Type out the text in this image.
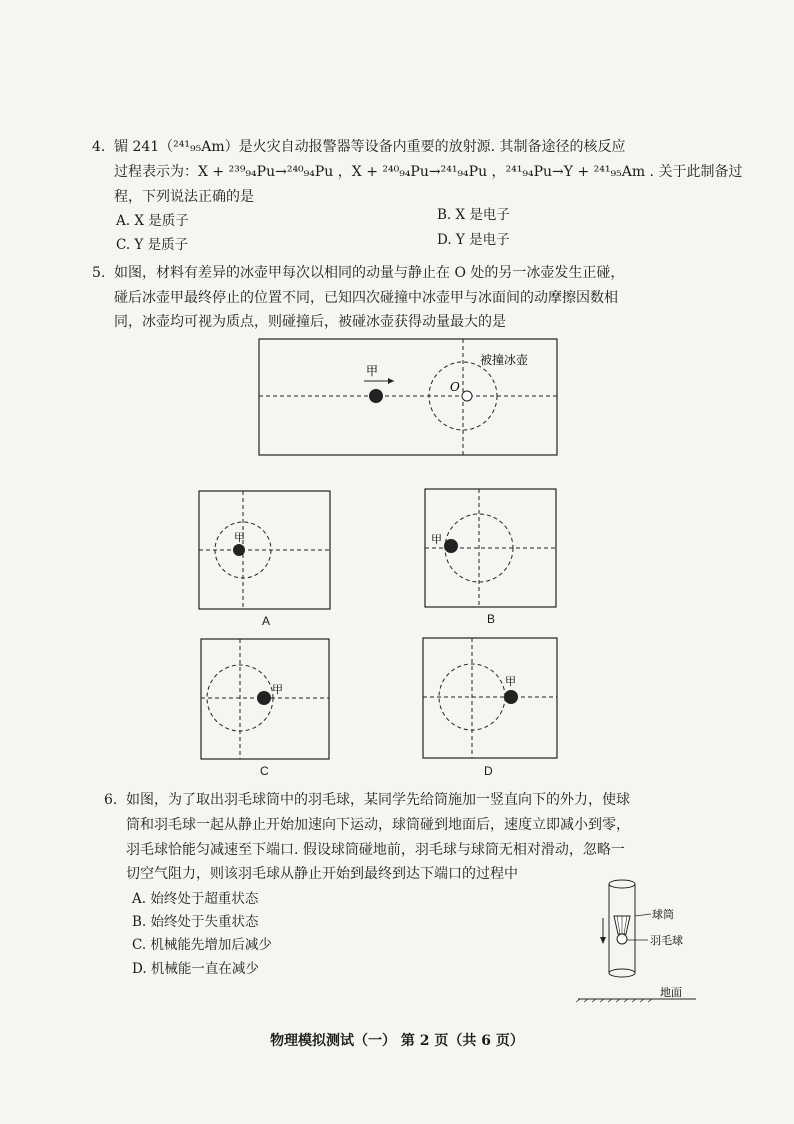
4. 镅 241（²⁴¹₉₅Am）是火灾自动报警器等设备内重要的放射源. 其制备途径的核反应
过程表示为：X + ²³⁹₉₄Pu→²⁴⁰₉₄Pu ，X + ²⁴⁰₉₄Pu→²⁴¹₉₄Pu ，²⁴¹₉₄Pu→Y + ²⁴¹₉₅Am . 关于此制备过
程，下列说法正确的是
A. X 是质子	B. X 是电子
C. Y 是质子	D. Y 是电子
5. 如图，材料有差异的冰壶甲每次以相同的动量与静止在 O 处的另一冰壶发生正碰，
碰后冰壶甲最终停止的位置不同，已知四次碰撞中冰壶甲与冰面间的动摩擦因数相
同，冰壶均可视为质点，则碰撞后，被碰冰壶获得动量最大的是
甲
O
被撞冰壶
甲
A
甲
B
甲
C
甲
D
6. 如图，为了取出羽毛球筒中的羽毛球，某同学先给筒施加一竖直向下的外力，使球
筒和羽毛球一起从静止开始加速向下运动，球筒碰到地面后，速度立即减小到零，
羽毛球恰能匀减速至下端口. 假设球筒碰地前，羽毛球与球筒无相对滑动，忽略一
切空气阻力，则该羽毛球从静止开始到最终到达下端口的过程中
A. 始终处于超重状态
B. 始终处于失重状态
C. 机械能先增加后减少
D. 机械能一直在减少
球筒
羽毛球
地面
物理模拟测试（一） 第 2 页（共 6 页）
